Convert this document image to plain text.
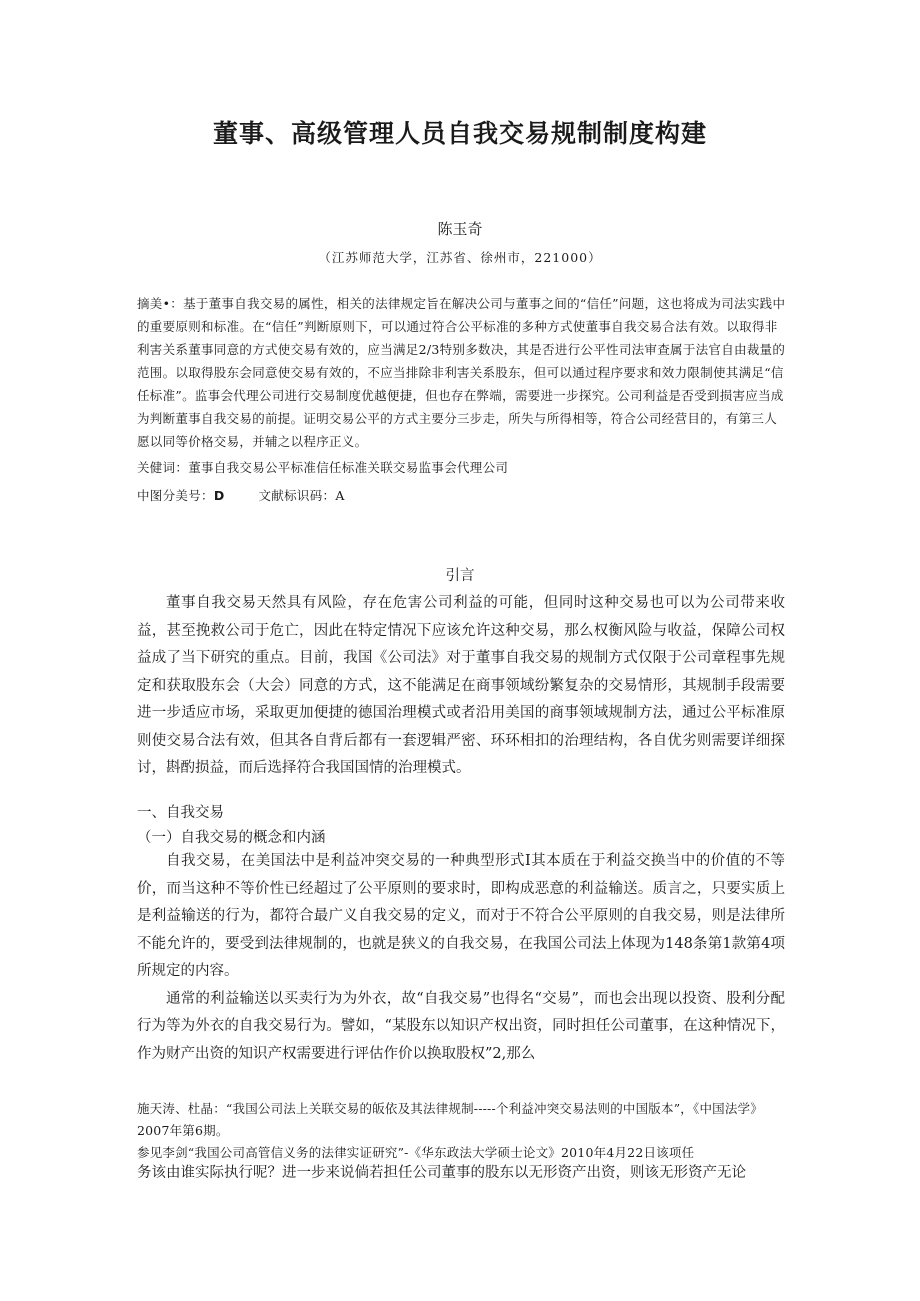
董事、高级管理人员自我交易规制制度构建
陈玉奇
（江苏师范大学，江苏省、徐州市，221000）

摘美•：基于董事自我交易的属性，相关的法律规定旨在解决公司与董事之间的“信任”问题，这也将成为司法实践中的重要原则和标准。在“信任”判断原则下，可以通过符合公平标准的多种方式使董事自我交易合法有效。以取得非利害关系董事同意的方式使交易有效的，应当满足2/3特别多数决，其是否进行公平性司法审查属于法官自由裁量的范围。以取得股东会同意使交易有效的，不应当排除非利害关系股东，但可以通过程序要求和效力限制使其满足“信任标准”。监事会代理公司进行交易制度优越便捷，但也存在弊端，需要进一步探究。公司利益是否受到损害应当成为判断董事自我交易的前提。证明交易公平的方式主要分三步走，所失与所得相等，符合公司经营目的，有第三人愿以同等价格交易，并辅之以程序正义。

关健词：董事自我交易公平标准信任标准关联交易监事会代理公司
中图分美号：D	文献标识码：A
引言

董事自我交易天然具有风险，存在危害公司利益的可能，但同时这种交易也可以为公司带来收益，甚至挽救公司于危亡，因此在特定情况下应该允许这种交易，那么权衡风险与收益，保障公司权益成了当下研究的重点。目前，我国《公司法》对于董事自我交易的规制方式仅限于公司章程事先规定和获取股东会（大会）同意的方式，这不能满足在商事领域纷繁复杂的交易情形，其规制手段需要进一步适应市场，采取更加便捷的德国治理模式或者沿用美国的商事领域规制方法，通过公平标准原则使交易合法有效，但其各自背后都有一套逻辑严密、环环相扣的治理结构，各自优劣则需要详细探讨，斟酌损益，而后选择符合我国国情的治理模式。

一、自我交易
（一）自我交易的概念和内涵

自我交易，在美国法中是利益冲突交易的一种典型形式I其本质在于利益交换当中的价值的不等价，而当这种不等价性已经超过了公平原则的要求时，即构成恶意的利益输送。质言之，只要实质上是利益输送的行为，都符合最广义自我交易的定义，而对于不符合公平原则的自我交易，则是法律所不能允许的，要受到法律规制的，也就是狭义的自我交易，在我国公司法上体现为148条第1款第4项所规定的内容。

通常的利益输送以买卖行为为外衣，故“自我交易”也得名“交易”，而也会出现以投资、股利分配行为等为外衣的自我交易行为。譬如，“某股东以知识产权出资，同时担任公司董事，在这种情况下，作为财产出资的知识产权需要进行评估作价以换取股权”2,那么

施天涛、杜晶：“我国公司法上关联交易的皈依及其法律规制-----个利益冲突交易法则的中国版本”，《中国法学》2007年第6期。

参见李剑“我国公司高管信义务的法律实证研究”-《华东政法大学硕士论文》2010年4月22日该项任

务该由谁实际执行呢？进一步来说倘若担任公司董事的股东以无形资产出资，则该无形资产无论
